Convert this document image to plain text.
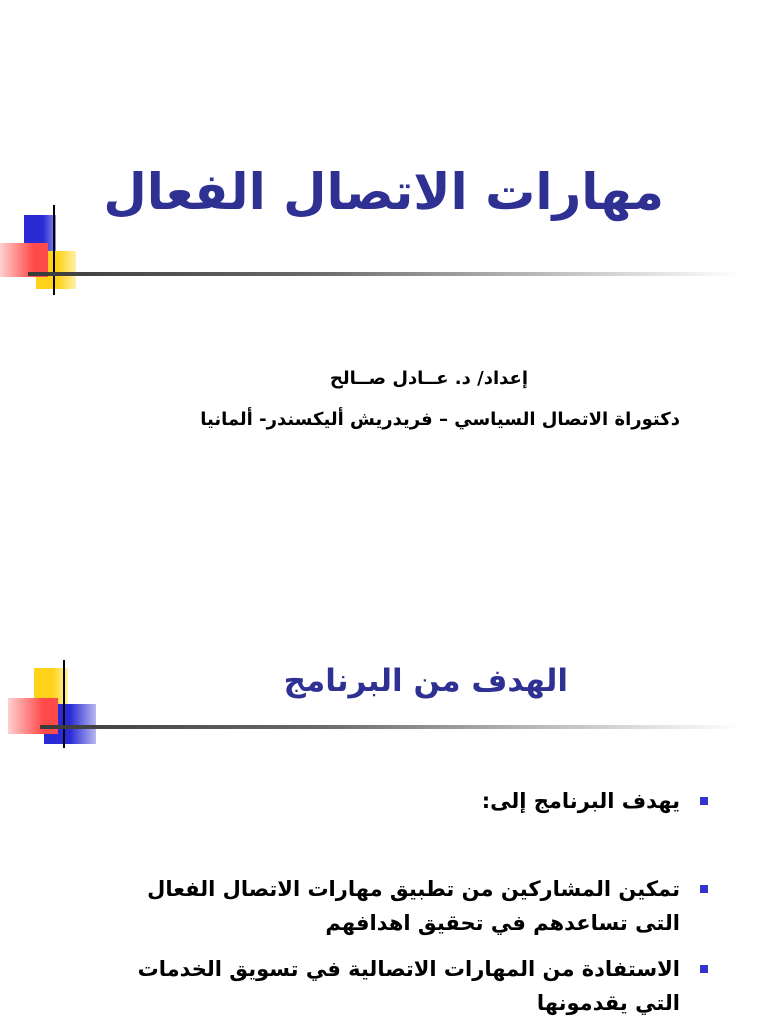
مهارات الاتصال الفعال
إعداد/ د. عــادل صــالح
دكتوراة الاتصال السياسي – فريدريش أليكسندر- ألمانيا
الهدف من البرنامج
يهدف البرنامج إلى:
تمكين المشاركين من تطبيق مهارات الاتصال الفعال التى تساعدهم في تحقيق اهدافهم
الاستفادة من المهارات الاتصالية في تسويق الخدمات التي يقدمونها
